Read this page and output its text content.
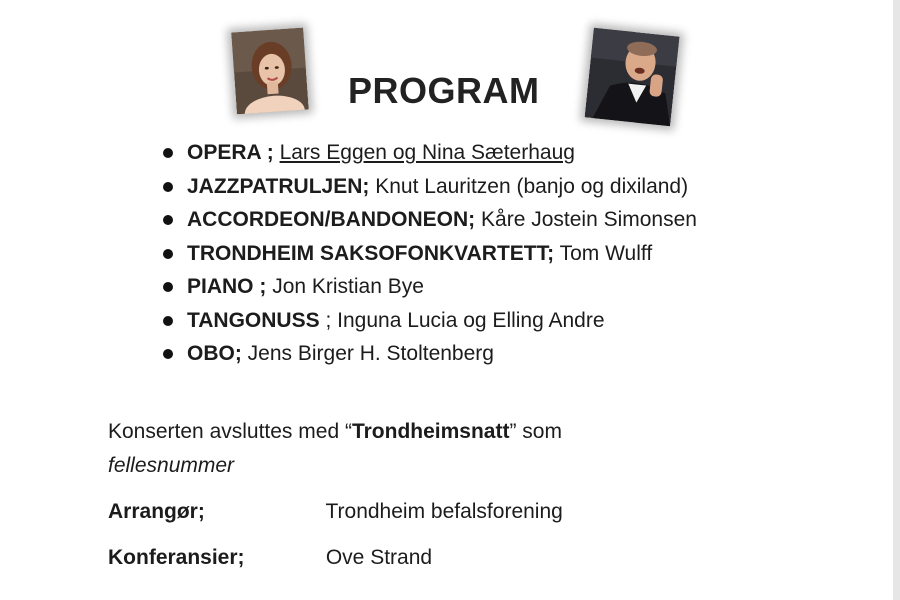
PROGRAM
OPERA ; Lars Eggen og Nina Sæterhaug
JAZZPATRULJEN; Knut Lauritzen (banjo og dixiland)
ACCORDEON/BANDONEON; Kåre Jostein Simonsen
TRONDHEIM SAKSOFONKVARTETT; Tom Wulff
PIANO ; Jon Kristian Bye
TANGONUSS ; Inguna Lucia og Elling Andre
OBO; Jens Birger H. Stoltenberg
Konserten avsluttes med “Trondheimsnatt” som
fellesnummer
Arrangør;	Trondheim befalsforening
Konferansier;	Ove Strand
